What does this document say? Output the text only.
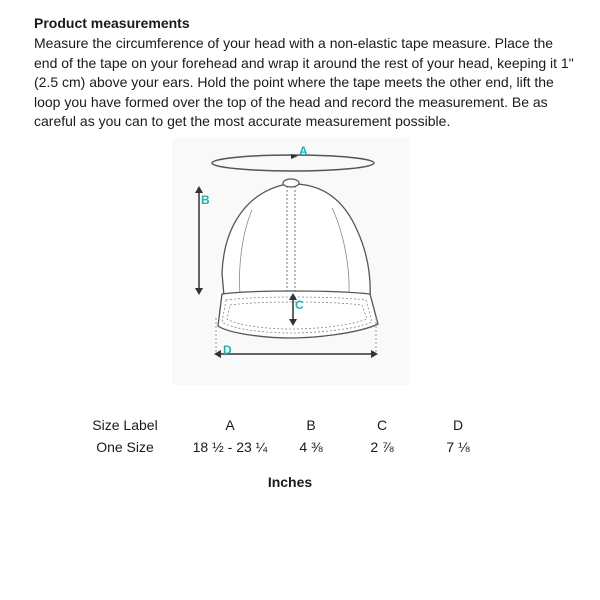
Product measurements
Measure the circumference of your head with a non-elastic tape measure. Place the end of the tape on your forehead and wrap it around the rest of your head, keeping it 1" (2.5 cm) above your ears. Hold the point where the tape meets the other end, lift the loop you have formed over the top of the head and record the measurement. Be as careful as you can to get the most accurate measurement possible.
A
B
C
D
Size Label	A	B	C	D
One Size	18 ½ - 23 ¼	4 ⅜	2 ⅞	7 ⅛
Inches
